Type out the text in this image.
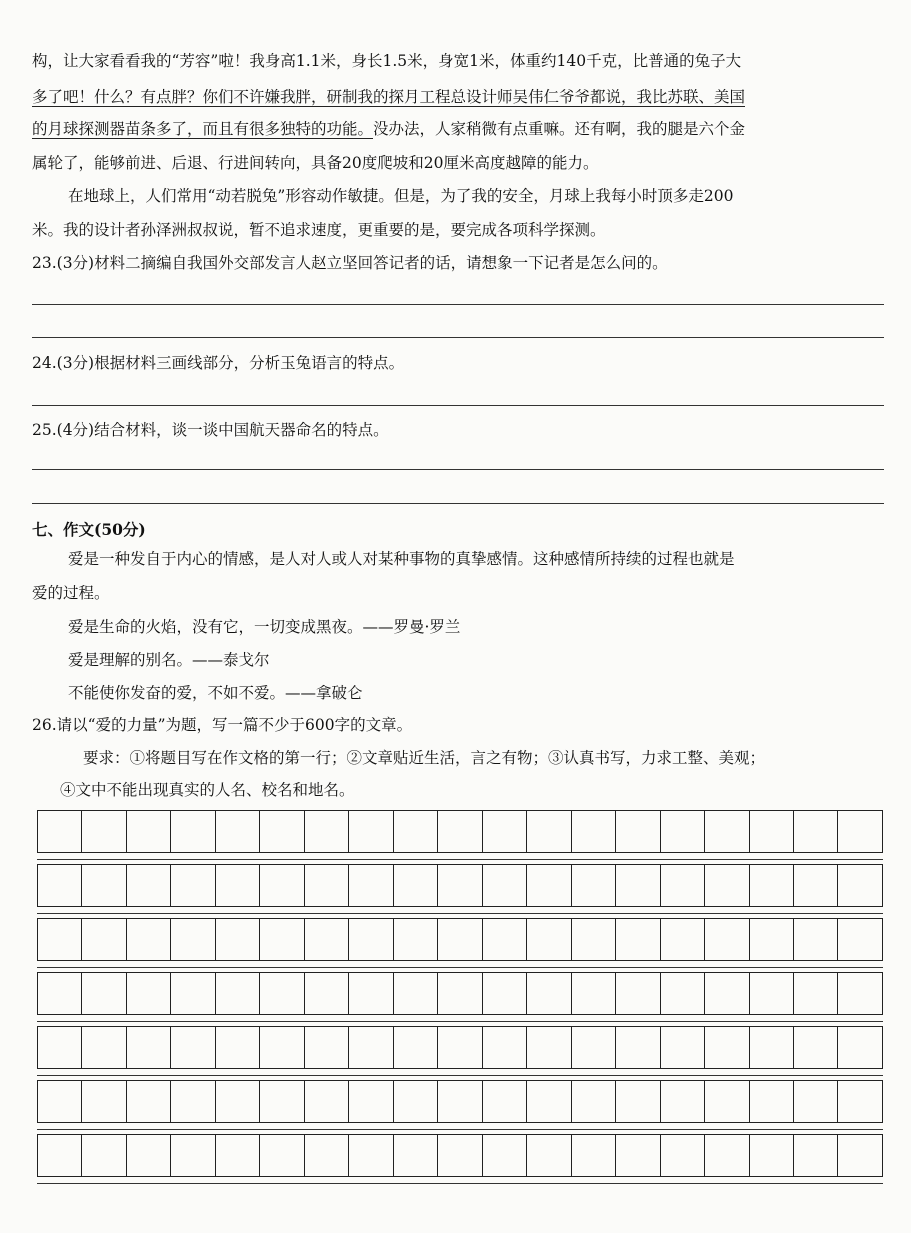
构，让大家看看我的“芳容”啦！我身高1.1米，身长1.5米，身宽1米，体重约140千克，比普通的兔子大
多了吧！什么？有点胖？你们不许嫌我胖，研制我的探月工程总设计师吴伟仁爷爷都说，我比苏联、美国
的月球探测器苗条多了，而且有很多独特的功能。没办法，人家稍微有点重嘛。还有啊，我的腿是六个金
属轮了，能够前进、后退、行进间转向，具备20度爬坡和20厘米高度越障的能力。
在地球上，人们常用“动若脱兔”形容动作敏捷。但是，为了我的安全，月球上我每小时顶多走200
米。我的设计者孙泽洲叔叔说，暂不追求速度，更重要的是，要完成各项科学探测。
23.(3分)材料二摘编自我国外交部发言人赵立坚回答记者的话，请想象一下记者是怎么问的。
24.(3分)根据材料三画线部分，分析玉兔语言的特点。
25.(4分)结合材料，谈一谈中国航天器命名的特点。
七、作文(50分)
爱是一种发自于内心的情感，是人对人或人对某种事物的真挚感情。这种感情所持续的过程也就是
爱的过程。
爱是生命的火焰，没有它，一切变成黑夜。——罗曼·罗兰
爱是理解的别名。——泰戈尔
不能使你发奋的爱，不如不爱。——拿破仑
26.请以“爱的力量”为题，写一篇不少于600字的文章。
要求：①将题目写在作文格的第一行；②文章贴近生活，言之有物；③认真书写，力求工整、美观；
④文中不能出现真实的人名、校名和地名。
